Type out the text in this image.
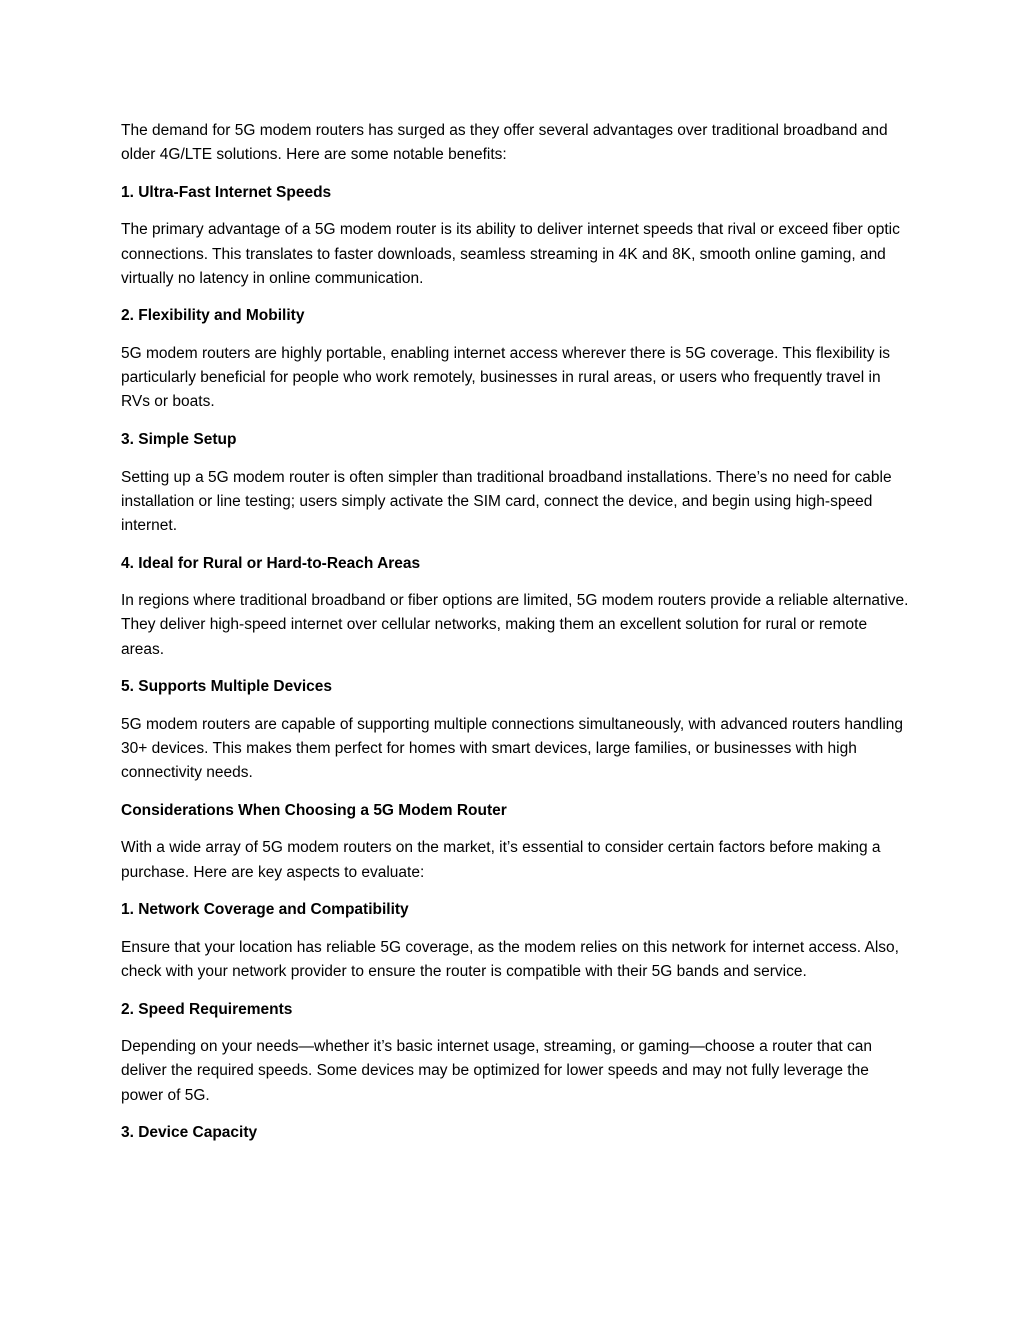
The demand for 5G modem routers has surged as they offer several advantages over traditional broadband and older 4G/LTE solutions. Here are some notable benefits:

1. Ultra-Fast Internet Speeds

The primary advantage of a 5G modem router is its ability to deliver internet speeds that rival or exceed fiber optic connections. This translates to faster downloads, seamless streaming in 4K and 8K, smooth online gaming, and virtually no latency in online communication.

2. Flexibility and Mobility

5G modem routers are highly portable, enabling internet access wherever there is 5G coverage. This flexibility is particularly beneficial for people who work remotely, businesses in rural areas, or users who frequently travel in RVs or boats.

3. Simple Setup

Setting up a 5G modem router is often simpler than traditional broadband installations. There’s no need for cable installation or line testing; users simply activate the SIM card, connect the device, and begin using high-speed internet.

4. Ideal for Rural or Hard-to-Reach Areas

In regions where traditional broadband or fiber options are limited, 5G modem routers provide a reliable alternative. They deliver high-speed internet over cellular networks, making them an excellent solution for rural or remote areas.

5. Supports Multiple Devices

5G modem routers are capable of supporting multiple connections simultaneously, with advanced routers handling 30+ devices. This makes them perfect for homes with smart devices, large families, or businesses with high connectivity needs.

Considerations When Choosing a 5G Modem Router

With a wide array of 5G modem routers on the market, it’s essential to consider certain factors before making a purchase. Here are key aspects to evaluate:

1. Network Coverage and Compatibility

Ensure that your location has reliable 5G coverage, as the modem relies on this network for internet access. Also, check with your network provider to ensure the router is compatible with their 5G bands and service.

2. Speed Requirements

Depending on your needs—whether it’s basic internet usage, streaming, or gaming—choose a router that can deliver the required speeds. Some devices may be optimized for lower speeds and may not fully leverage the power of 5G.

3. Device Capacity
